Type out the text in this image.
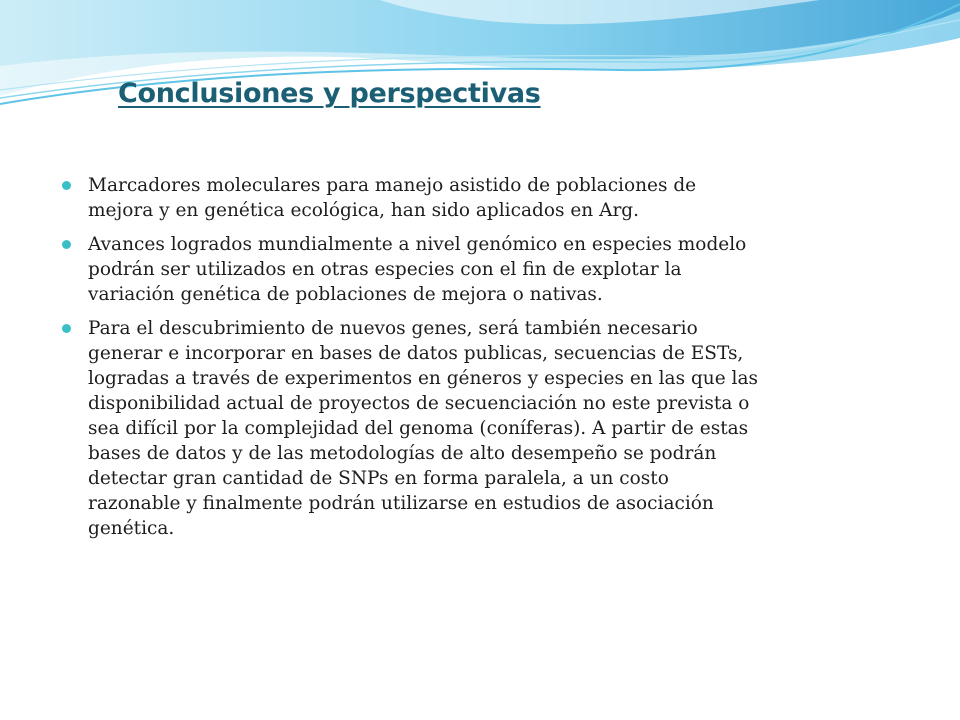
Conclusiones y perspectivas
Marcadores moleculares para manejo asistido de poblaciones de mejora y en genética ecológica, han sido aplicados en Arg.
Avances logrados mundialmente a nivel genómico en especies modelo podrán ser utilizados en otras especies con el fin de explotar la variación genética de poblaciones de mejora o nativas.
Para el descubrimiento de nuevos genes, será también necesario generar e incorporar en bases de datos publicas, secuencias de ESTs, logradas a través de experimentos en géneros y especies en las que las disponibilidad actual de proyectos de secuenciación no este prevista o sea difícil por la complejidad del genoma (coníferas). A partir de estas bases de datos y de las metodologías de alto desempeño se podrán detectar gran cantidad de SNPs en forma paralela, a un costo razonable y finalmente podrán utilizarse en estudios de asociación genética.
